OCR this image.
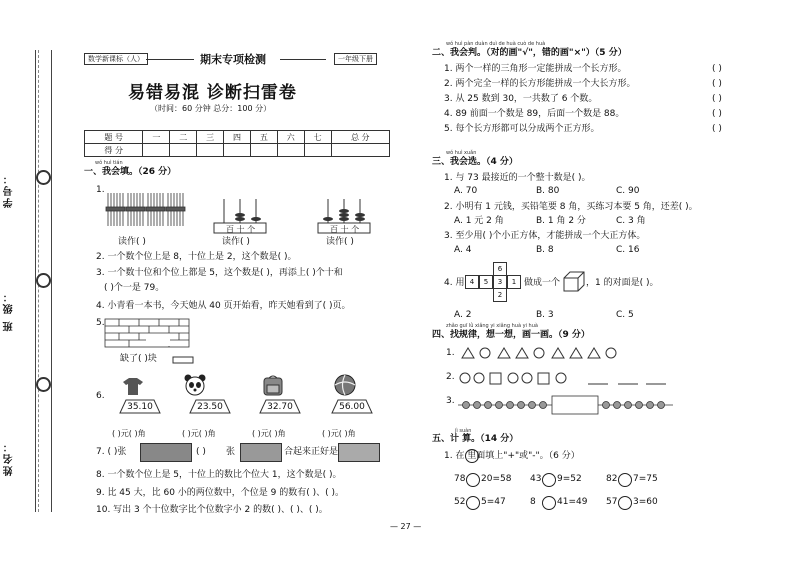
学号：
班 级：
姓名：
数学新课标（人）	期末专项检测	一年级下册
易错易混 诊断扫雷卷
（时间：60 分钟 总分：100 分）
题 号	一	二	三	四	五	六	七	总 分
得 分								
wǒ huì tián
一、我会填。（26 分）
1.
百 十 个	百 十 个
读作( )	读作( )	读作( )
2. 一个数个位上是 8，十位上是 2，这个数是( )。
3. 一个数十位和个位上都是 5，这个数是( )，再添上( )个十和
( )个一是 79。
4. 小青看一本书，今天她从 40 页开始看，昨天她看到了( )页。
5.
缺了( )块
6.
35.10	23.50	32.70	56.00
( )元( )角	( )元( )角	( )元( )角	( )元( )角
7. ( )张	( ) 张	合起来正好是
8. 一个数个位上是 5，十位上的数比个位大 1，这个数是( )。
9. 比 45 大，比 60 小的两位数中，个位是 9 的数有( )、( )。
10. 写出 3 个十位数字比个位数字小 2 的数( )、( )、( )。
wǒ huì pàn duàn duì de huà cuò de huà
二、我会判。（对的画"√"，错的画"×"）（5 分）
1. 两个一样的三角形一定能拼成一个长方形。	( )
2. 两个完全一样的长方形能拼成一个大长方形。	( )
3. 从 25 数到 30，一共数了 6 个数。	( )
4. 89 前面一个数是 89，后面一个数是 88。	( )
5. 每个长方形都可以分成两个正方形。	( )
wǒ huì xuǎn
三、我会选。（4 分）
1. 与 73 最接近的一个整十数是( )。
A. 70	B. 80	C. 90
2. 小明有 1 元钱，买铅笔要 8 角，买练习本要 5 角，还差( )。
A. 1 元 2 角	B. 1 角 2 分	C. 3 角
3. 至少用( )个小正方体，才能拼成一个大正方体。
A. 4	B. 8	C. 16
4. 用
6
4	5	3	1
2
做成一个	，1 的对面是( )。
A. 2	B. 3	C. 5
zhǎo guī lǜ xiǎng yi xiǎng huà yi huà
四、找规律，想一想，画一画。（9 分）
1.
2.
3.
jì suàn
五、计 算。（14 分）
1. 在 里面填上"+"或"-"。（6 分）
78 20=58 43 9=52	82 7=75
52 5=47	8 41=49 57 3=60
— 27 —
